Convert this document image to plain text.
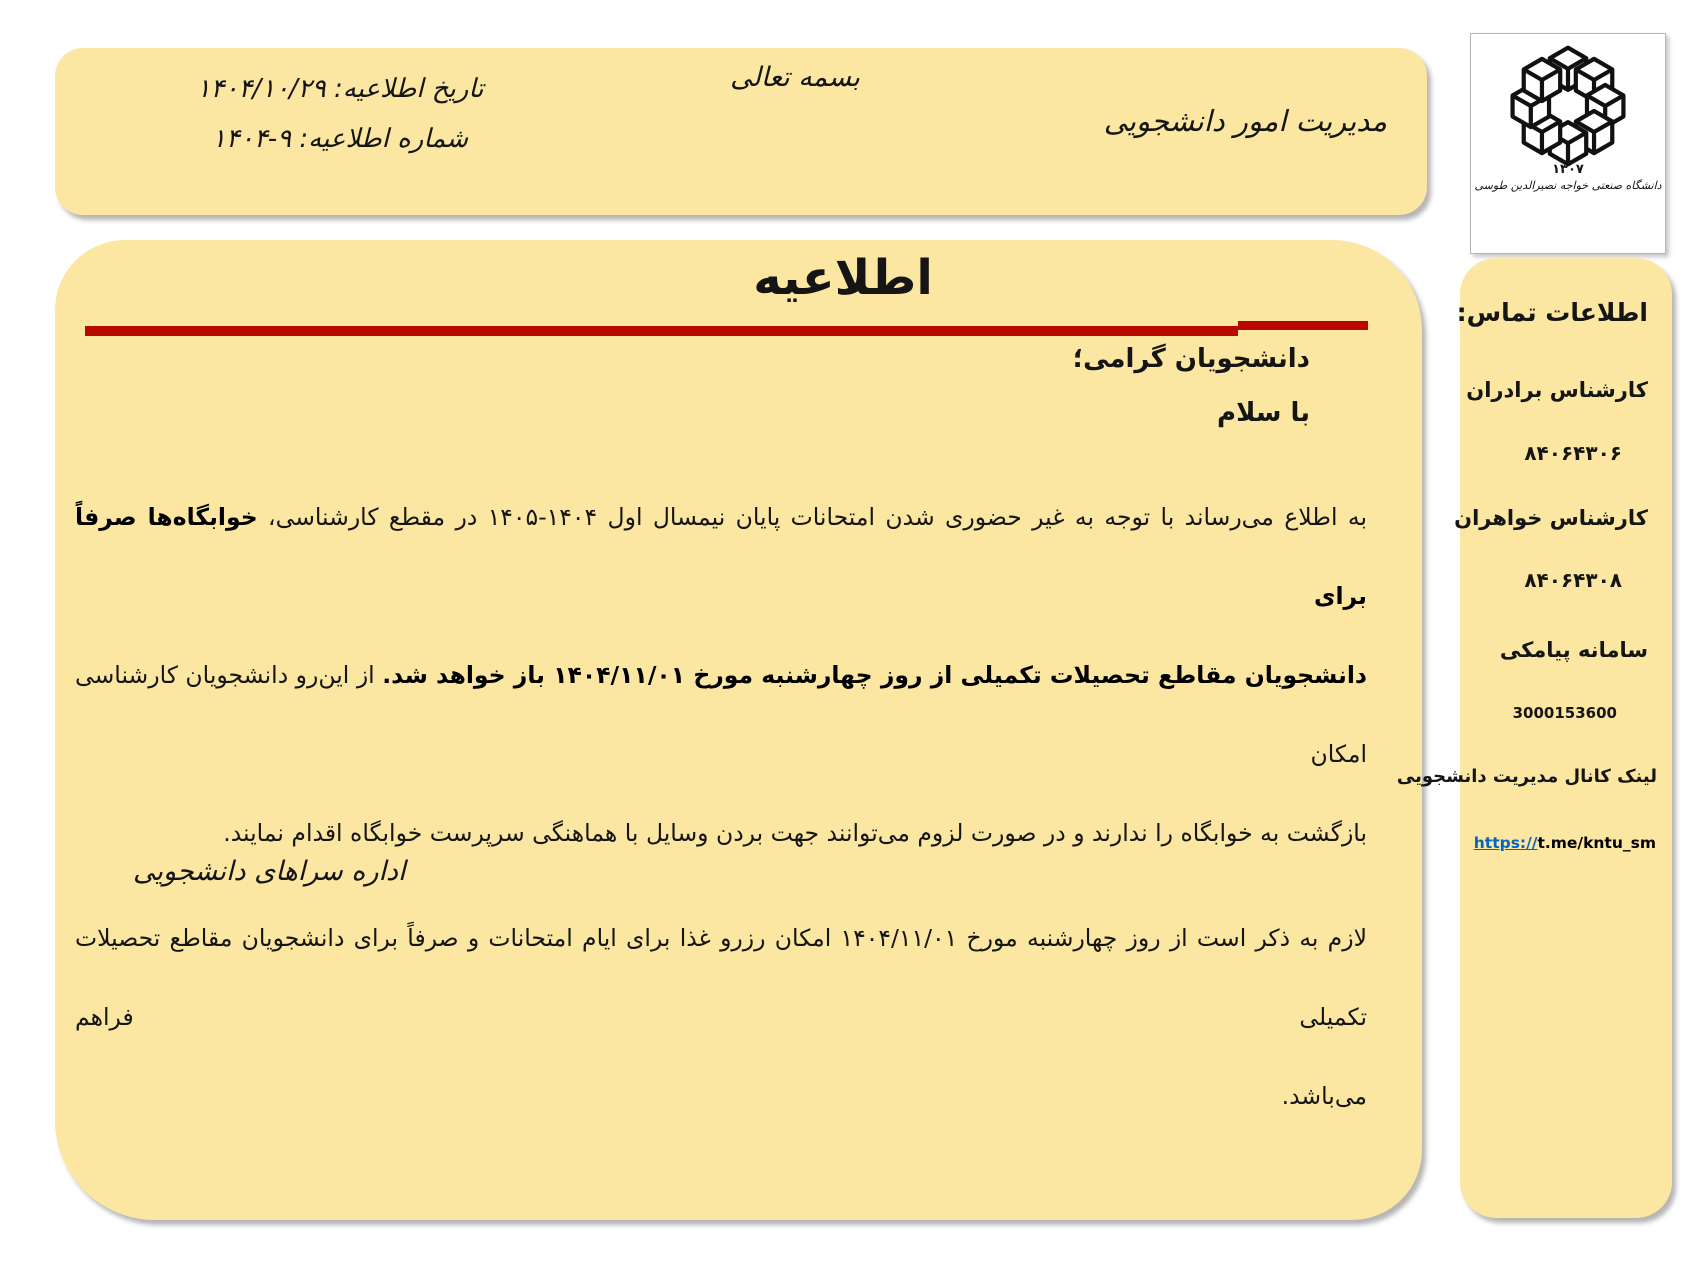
بسمه تعالی
تاریخ اطلاعیه: ۱۴۰۴/۱۰/۲۹
شماره اطلاعیه: ۹-۱۴۰۴
مدیریت امور دانشجویی
۱۳۰۷
دانشگاه صنعتی خواجه نصیرالدین طوسی
اطلاعیه
دانشجویان گرامی؛
با سلام
به اطلاع می‌رساند با توجه به غیر حضوری شدن امتحانات پایان نیمسال اول ۱۴۰۴-۱۴۰۵ در مقطع کارشناسی، خوابگاه‌ها صرفاً برای
دانشجویان مقاطع تحصیلات تکمیلی از روز چهارشنبه مورخ ۱۴۰۴/۱۱/۰۱ باز خواهد شد. از این‌رو دانشجویان کارشناسی امکان
بازگشت به خوابگاه را ندارند و در صورت لزوم می‌توانند جهت بردن وسایل با هماهنگی سرپرست خوابگاه اقدام نمایند.
لازم به ذکر است از روز چهارشنبه مورخ ۱۴۰۴/۱۱/۰۱ امکان رزرو غذا برای ایام امتحانات و صرفاً برای دانشجویان مقاطع تحصیلات تکمیلی فراهم
می‌باشد.
اداره سراهای دانشجویی
اطلاعات تماس:
کارشناس برادران
۸۴۰۶۴۳۰۶
کارشناس خواهران
۸۴۰۶۴۳۰۸
سامانه پیامکی
3000153600
لینک کانال مدیریت دانشجویی
https://t.me/kntu_sm
